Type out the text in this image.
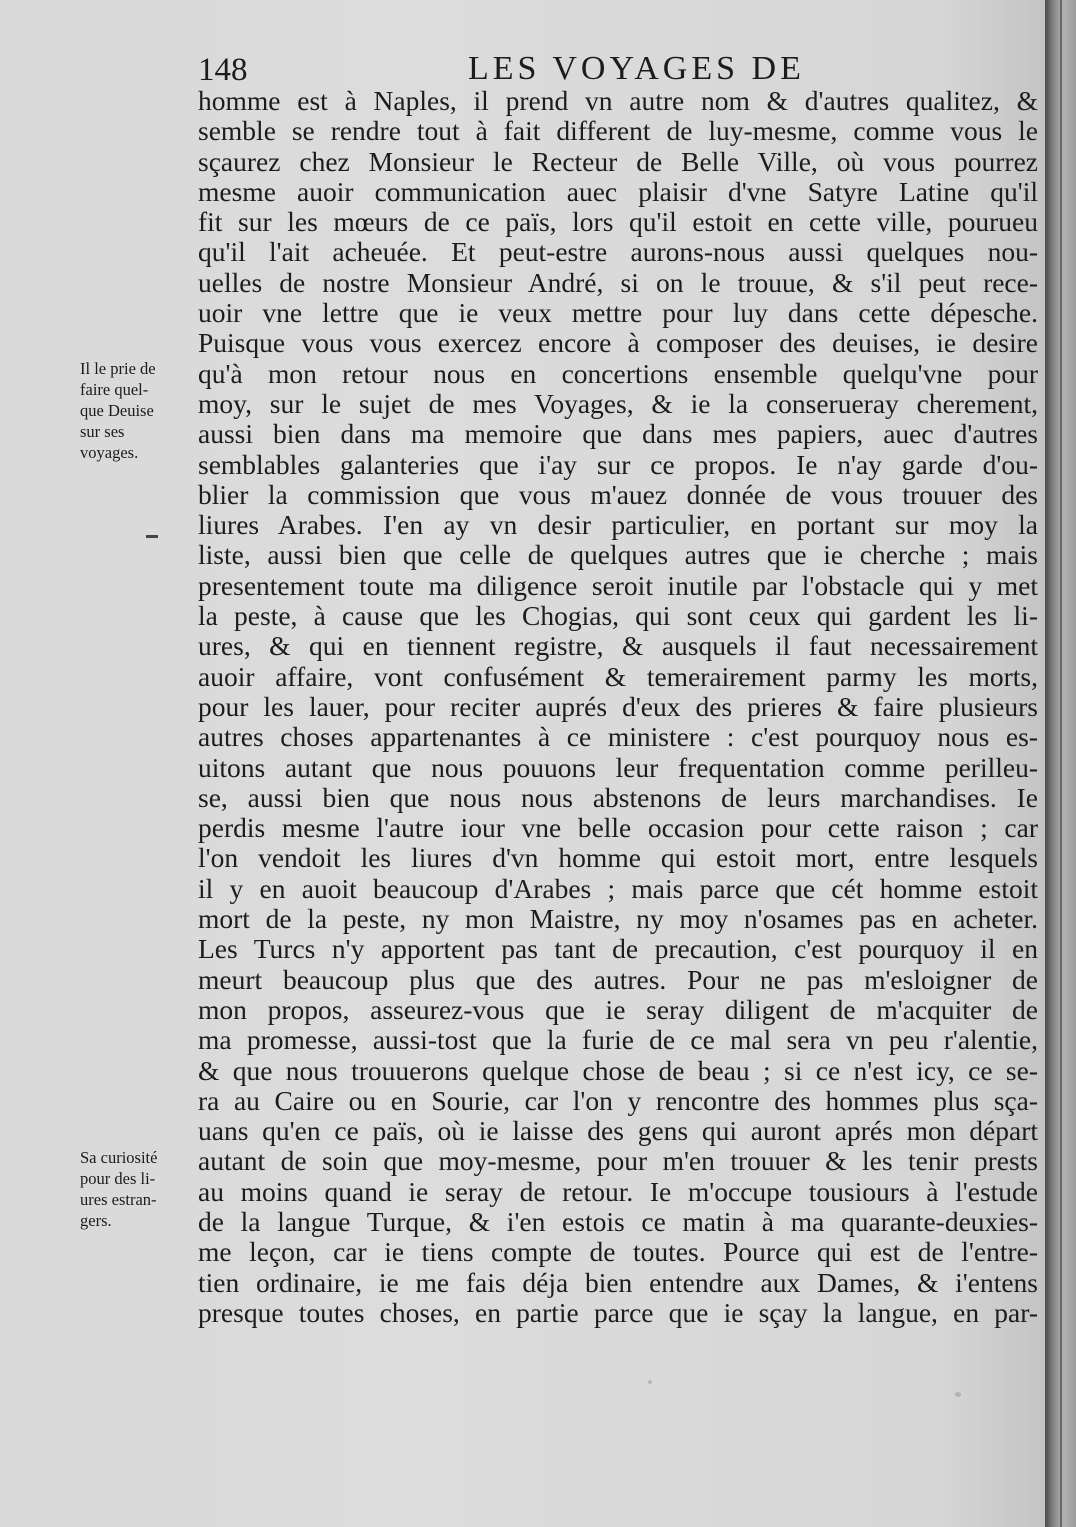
148	LES VOYAGES DE
homme est à Naples, il prend vn autre nom & d'autres qualitez, &
semble se rendre tout à fait different de luy-mesme, comme vous le
sçaurez chez Monsieur le Recteur de Belle Ville, où vous pourrez
mesme auoir communication auec plaisir d'vne Satyre Latine qu'il
fit sur les mœurs de ce païs, lors qu'il estoit en cette ville, pourueu
qu'il l'ait acheuée. Et peut-estre aurons-nous aussi quelques nou-
uelles de nostre Monsieur André, si on le trouue, & s'il peut rece-
uoir vne lettre que ie veux mettre pour luy dans cette dépesche.
Puisque vous vous exercez encore à composer des deuises, ie desire
qu'à mon retour nous en concertions ensemble quelqu'vne pour
moy, sur le sujet de mes Voyages, & ie la conserueray cherement,
aussi bien dans ma memoire que dans mes papiers, auec d'autres
semblables galanteries que i'ay sur ce propos. Ie n'ay garde d'ou-
blier la commission que vous m'auez donnée de vous trouuer des
liures Arabes. I'en ay vn desir particulier, en portant sur moy la
liste, aussi bien que celle de quelques autres que ie cherche ; mais
presentement toute ma diligence seroit inutile par l'obstacle qui y met
la peste, à cause que les Chogias, qui sont ceux qui gardent les li-
ures, & qui en tiennent registre, & ausquels il faut necessairement
auoir affaire, vont confusément & temerairement parmy les morts,
pour les lauer, pour reciter auprés d'eux des prieres & faire plusieurs
autres choses appartenantes à ce ministere : c'est pourquoy nous es-
uitons autant que nous pouuons leur frequentation comme perilleu-
se, aussi bien que nous nous abstenons de leurs marchandises. Ie
perdis mesme l'autre iour vne belle occasion pour cette raison ; car
l'on vendoit les liures d'vn homme qui estoit mort, entre lesquels
il y en auoit beaucoup d'Arabes ; mais parce que cét homme estoit
mort de la peste, ny mon Maistre, ny moy n'osames pas en acheter.
Les Turcs n'y apportent pas tant de precaution, c'est pourquoy il en
meurt beaucoup plus que des autres. Pour ne pas m'esloigner de
mon propos, asseurez-vous que ie seray diligent de m'acquiter de
ma promesse, aussi-tost que la furie de ce mal sera vn peu r'alentie,
& que nous trouuerons quelque chose de beau ; si ce n'est icy, ce se-
ra au Caire ou en Sourie, car l'on y rencontre des hommes plus sça-
uans qu'en ce païs, où ie laisse des gens qui auront aprés mon départ
autant de soin que moy-mesme, pour m'en trouuer & les tenir prests
au moins quand ie seray de retour. Ie m'occupe tousiours à l'estude
de la langue Turque, & i'en estois ce matin à ma quarante-deuxies-
me leçon, car ie tiens compte de toutes. Pource qui est de l'entre-
tien ordinaire, ie me fais déja bien entendre aux Dames, & i'entens
presque toutes choses, en partie parce que ie sçay la langue, en par-
Il le prie de
faire quel-
que Deuise
sur ses
voyages.
Sa curiosité
pour des li-
ures estran-
gers.
